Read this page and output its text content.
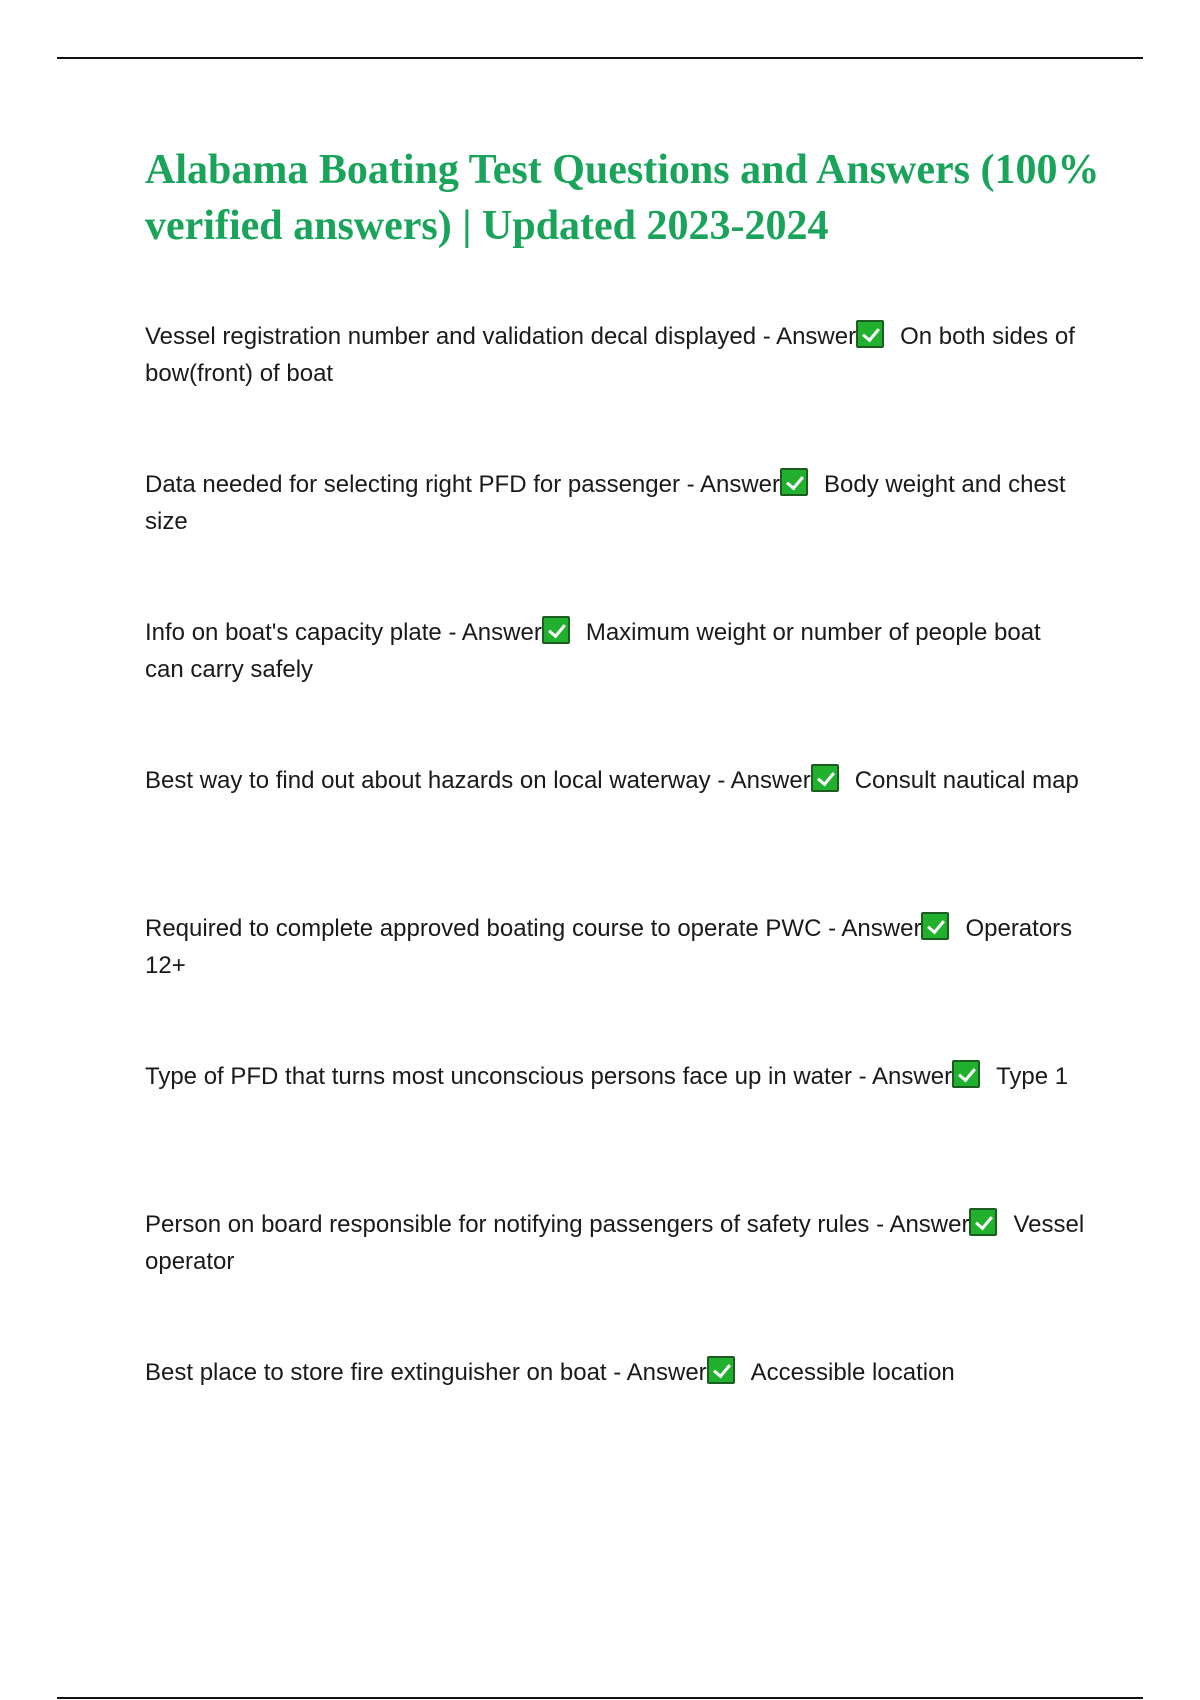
Alabama Boating Test Questions and Answers (100% verified answers) | Updated 2023-2024
Vessel registration number and validation decal displayed - Answer On both sides of bow(front) of boat
Data needed for selecting right PFD for passenger - Answer Body weight and chest size
Info on boat's capacity plate - Answer Maximum weight or number of people boat can carry safely
Best way to find out about hazards on local waterway - Answer Consult nautical map
Required to complete approved boating course to operate PWC - Answer Operators 12+
Type of PFD that turns most unconscious persons face up in water - Answer Type 1
Person on board responsible for notifying passengers of safety rules - Answer Vessel operator
Best place to store fire extinguisher on boat - Answer Accessible location
